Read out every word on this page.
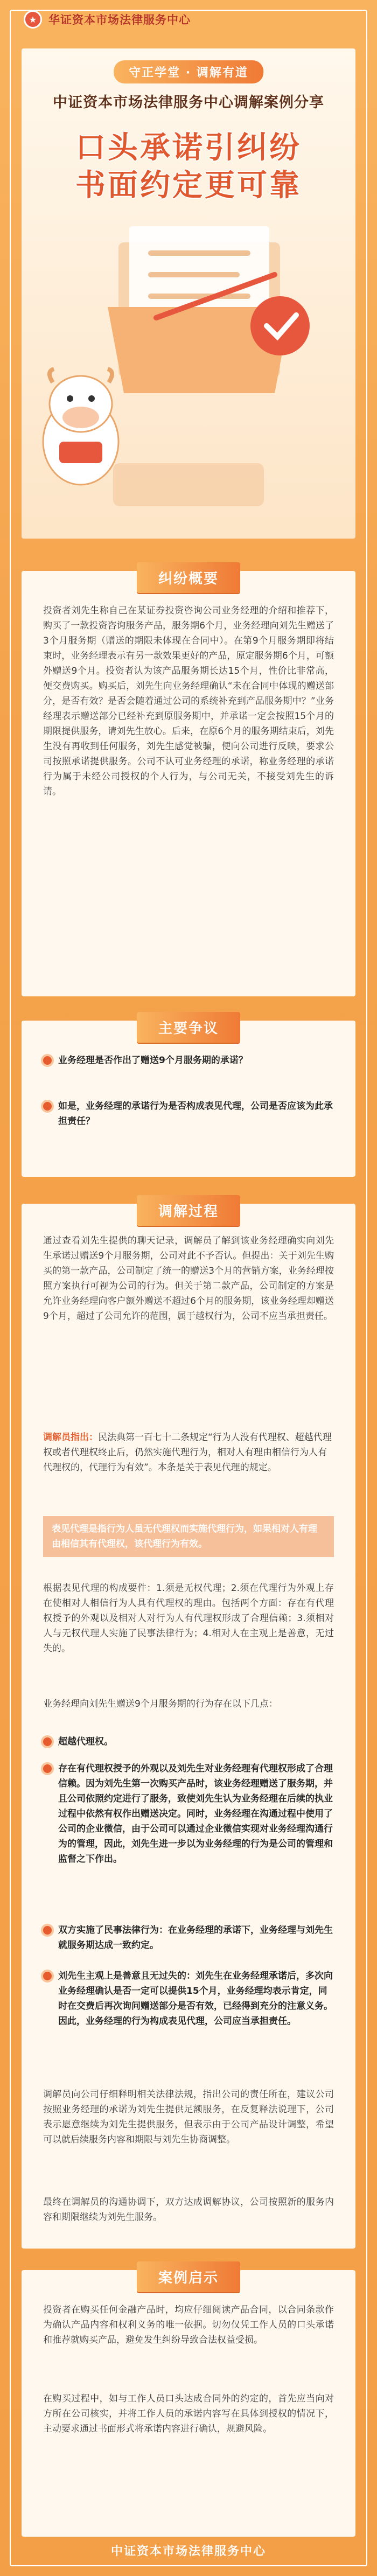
★	华证资本市场法律服务中心
守正学堂 · 调解有道
中证资本市场法律服务中心调解案例分享
口头承诺引纠纷
书面约定更可靠
纠纷概要
投资者刘先生称自己在某证券投资咨询公司业务经理的介绍和推荐下，购买了一款投资咨询服务产品，服务期6个月，业务经理向刘先生赠送了3个月服务期（赠送的期限未体现在合同中）。在第9个月服务期即将结束时，业务经理表示有另一款效果更好的产品，原定服务期6个月，可额外赠送9个月。投资者认为该产品服务期长达15个月，性价比非常高，便交费购买。购买后，刘先生向业务经理确认“未在合同中体现的赠送部分，是否有效？是否会随着通过公司的系统补充到产品服务期中？”业务经理表示赠送部分已经补充到原服务期中，并承诺一定会按照15个月的期限提供服务，请刘先生放心。后来，在原6个月的服务期结束后，刘先生没有再收到任何服务，刘先生感觉被骗，便向公司进行反映，要求公司按照承诺提供服务。公司不认可业务经理的承诺，称业务经理的承诺行为属于未经公司授权的个人行为，与公司无关，不接受刘先生的诉请。
主要争议
业务经理是否作出了赠送9个月服务期的承诺？
如是，业务经理的承诺行为是否构成表见代理，公司是否应该为此承担责任？
调解过程
通过查看刘先生提供的聊天记录，调解员了解到该业务经理确实向刘先生承诺过赠送9个月服务期，公司对此不予否认。但提出：关于刘先生购买的第一款产品，公司制定了统一的赠送3个月的营销方案，业务经理按照方案执行可视为公司的行为。但关于第二款产品，公司制定的方案是允许业务经理向客户额外赠送不超过6个月的服务期，该业务经理却赠送9个月，超过了公司允许的范围，属于越权行为，公司不应当承担责任。
调解员指出：民法典第一百七十二条规定“行为人没有代理权、超越代理权或者代理权终止后，仍然实施代理行为，相对人有理由相信行为人有代理权的，代理行为有效”。本条是关于表见代理的规定。
表见代理是指行为人虽无代理权而实施代理行为，如果相对人有理由相信其有代理权，该代理行为有效。
根据表见代理的构成要件：1.须是无权代理；2.须在代理行为外观上存在使相对人相信行为人具有代理权的理由。包括两个方面：存在有代理权授予的外观以及相对人对行为人有代理权形成了合理信赖；3.须相对人与无权代理人实施了民事法律行为；4.相对人在主观上是善意，无过失的。
业务经理向刘先生赠送9个月服务期的行为存在以下几点：
超越代理权。
存在有代理权授予的外观以及刘先生对业务经理有代理权形成了合理信赖。因为刘先生第一次购买产品时，该业务经理赠送了服务期，并且公司依照约定进行了服务，致使刘先生认为业务经理在后续的执业过程中依然有权作出赠送决定。同时，业务经理在沟通过程中使用了公司的企业微信，由于公司可以通过企业微信实现对业务经理沟通行为的管理，因此，刘先生进一步以为业务经理的行为是公司的管理和监督之下作出。
双方实施了民事法律行为：在业务经理的承诺下，业务经理与刘先生就服务期达成一致约定。
刘先生主观上是善意且无过失的：刘先生在业务经理承诺后，多次向业务经理确认是否一定可以提供15个月，业务经理均表示肯定，同时在交费后再次询问赠送部分是否有效，已经得到充分的注意义务。因此，业务经理的行为构成表见代理，公司应当承担责任。
调解员向公司仔细释明相关法律法规，指出公司的责任所在，建议公司按照业务经理的承诺为刘先生提供足额服务，在反复释法说理下，公司表示愿意继续为刘先生提供服务，但表示由于公司产品设计调整，希望可以就后续服务内容和期限与刘先生协商调整。
最终在调解员的沟通协调下，双方达成调解协议，公司按照新的服务内容和期限继续为刘先生服务。
案例启示
投资者在购买任何金融产品时，均应仔细阅读产品合同，以合同条款作为确认产品内容和权利义务的唯一依据。切勿仅凭工作人员的口头承诺和推荐就购买产品，避免发生纠纷导致合法权益受损。
在购买过程中，如与工作人员口头达成合同外的约定的，首先应当向对方所在公司核实，并将工作人员的承诺内容写在具体到授权的情况下，主动要求通过书面形式将承诺内容进行确认，规避风险。
中证资本市场法律服务中心
